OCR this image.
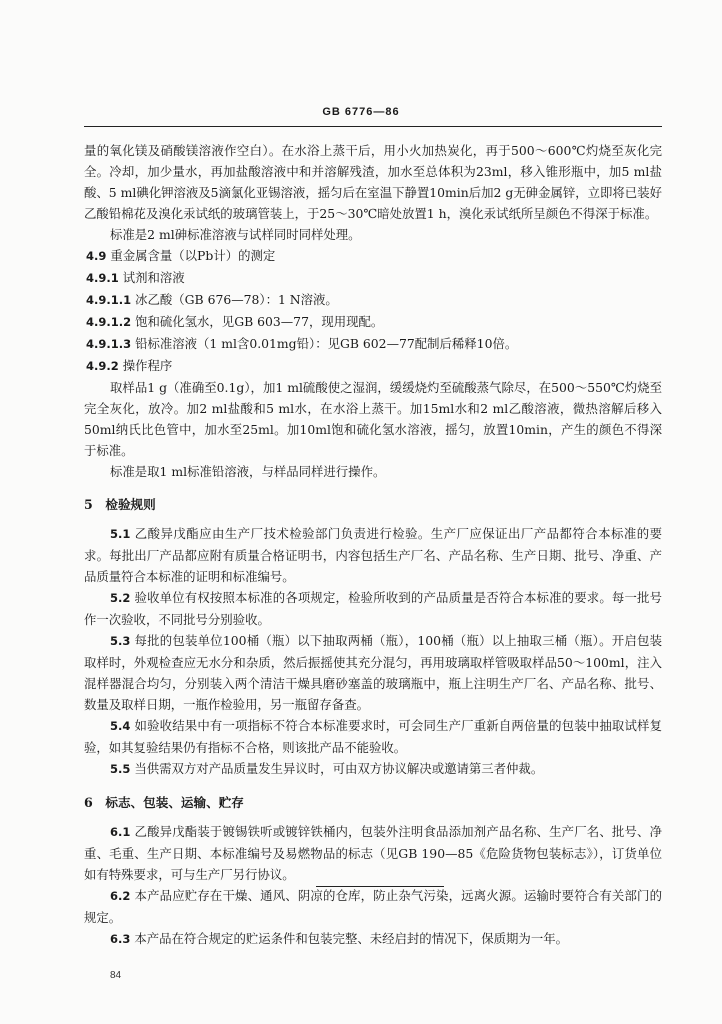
GB 6776—86

量的氧化镁及硝酸镁溶液作空白）。在水浴上蒸干后，用小火加热炭化，再于500～600℃灼烧至灰化完全。冷却，加少量水，再加盐酸溶液中和并溶解残渣，加水至总体积为23ml，移入锥形瓶中，加5 ml盐酸、5 ml碘化钾溶液及5滴氯化亚锡溶液，摇匀后在室温下静置10min后加2 g无砷金属锌，立即将已装好乙酸铅棉花及溴化汞试纸的玻璃管装上，于25～30℃暗处放置1 h，溴化汞试纸所呈颜色不得深于标准。

标准是2 ml砷标准溶液与试样同时同样处理。

4.9 重金属含量（以Pb计）的测定

4.9.1 试剂和溶液

4.9.1.1 冰乙酸（GB 676—78）：1 N溶液。

4.9.1.2 饱和硫化氢水，见GB 603—77，现用现配。

4.9.1.3 铅标准溶液（1 ml含0.01mg铅）：见GB 602—77配制后稀释10倍。

4.9.2 操作程序

取样品1 g（准确至0.1g），加1 ml硫酸使之湿润，缓缓烧灼至硫酸蒸气除尽，在500～550℃灼烧至完全灰化，放冷。加2 ml盐酸和5 ml水，在水浴上蒸干。加15ml水和2 ml乙酸溶液，微热溶解后移入50ml纳氏比色管中，加水至25ml。加10ml饱和硫化氢水溶液，摇匀，放置10min，产生的颜色不得深于标准。

标准是取1 ml标准铅溶液，与样品同样进行操作。

5　检验规则

5.1 乙酸异戊酯应由生产厂技术检验部门负责进行检验。生产厂应保证出厂产品都符合本标准的要求。每批出厂产品都应附有质量合格证明书，内容包括生产厂名、产品名称、生产日期、批号、净重、产品质量符合本标准的证明和标准编号。

5.2 验收单位有权按照本标准的各项规定，检验所收到的产品质量是否符合本标准的要求。每一批号作一次验收，不同批号分别验收。

5.3 每批的包装单位100桶（瓶）以下抽取两桶（瓶），100桶（瓶）以上抽取三桶（瓶）。开启包装取样时，外观检查应无水分和杂质，然后振摇使其充分混匀，再用玻璃取样管吸取样品50～100ml，注入混样器混合均匀，分别装入两个清洁干燥具磨砂塞盖的玻璃瓶中，瓶上注明生产厂名、产品名称、批号、数量及取样日期，一瓶作检验用，另一瓶留存备查。

5.4 如验收结果中有一项指标不符合本标准要求时，可会同生产厂重新自两倍量的包装中抽取试样复验，如其复验结果仍有指标不合格，则该批产品不能验收。

5.5 当供需双方对产品质量发生异议时，可由双方协议解决或邀请第三者仲裁。

6　标志、包装、运输、贮存

6.1 乙酸异戊酯装于镀锡铁听或镀锌铁桶内，包装外注明食品添加剂产品名称、生产厂名、批号、净重、毛重、生产日期、本标准编号及易燃物品的标志（见GB 190—85《危险货物包装标志》），订货单位如有特殊要求，可与生产厂另行协议。

6.2 本产品应贮存在干燥、通风、阴凉的仓库，防止杂气污染，远离火源。运输时要符合有关部门的规定。

6.3 本产品在符合规定的贮运条件和包装完整、未经启封的情况下，保质期为一年。

84
